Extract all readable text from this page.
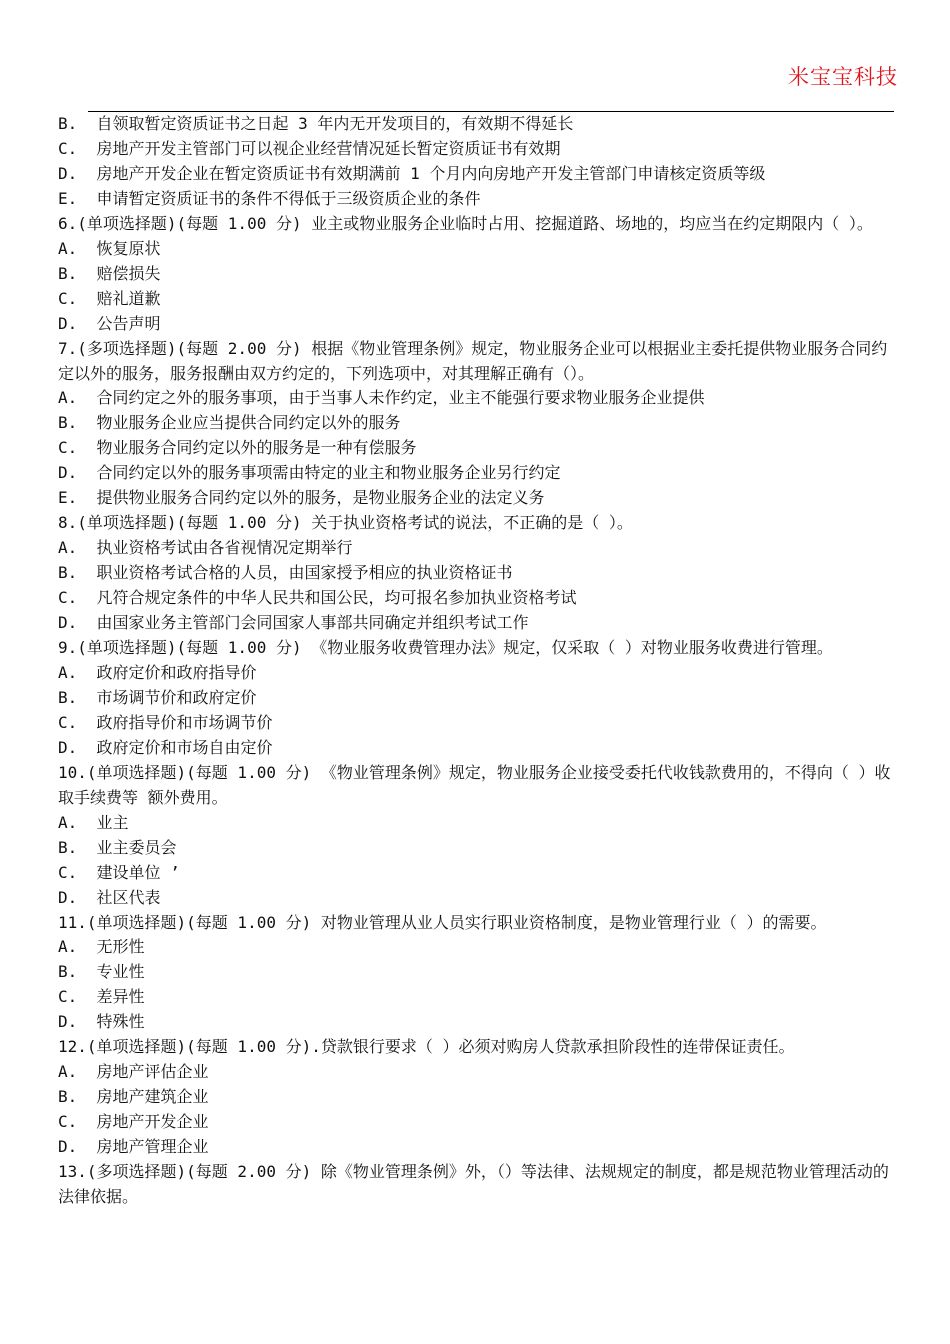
米宝宝科技

B.  自领取暂定资质证书之日起 3 年内无开发项目的，有效期不得延长

C.  房地产开发主管部门可以视企业经营情况延长暂定资质证书有效期

D.  房地产开发企业在暂定资质证书有效期满前 1 个月内向房地产开发主管部门申请核定资质等级

E.  申请暂定资质证书的条件不得低于三级资质企业的条件

6.(单项选择题)(每题 1.00 分) 业主或物业服务企业临时占用、挖掘道路、场地的，均应当在约定期限内（ ）。

A.  恢复原状

B.  赔偿损失

C.  赔礼道歉

D.  公告声明

7.(多项选择题)(每题 2.00 分) 根据《物业管理条例》规定，物业服务企业可以根据业主委托提供物业服务合同约定以外的服务，服务报酬由双方约定的，下列选项中，对其理解正确有（）。

A.  合同约定之外的服务事项，由于当事人未作约定，业主不能强行要求物业服务企业提供

B.  物业服务企业应当提供合同约定以外的服务

C.  物业服务合同约定以外的服务是一种有偿服务

D.  合同约定以外的服务事项需由特定的业主和物业服务企业另行约定

E.  提供物业服务合同约定以外的服务，是物业服务企业的法定义务

8.(单项选择题)(每题 1.00 分) 关于执业资格考试的说法，不正确的是（ ）。

A.  执业资格考试由各省视情况定期举行

B.  职业资格考试合格的人员，由国家授予相应的执业资格证书

C.  凡符合规定条件的中华人民共和国公民，均可报名参加执业资格考试

D.  由国家业务主管部门会同国家人事部共同确定并组织考试工作

9.(单项选择题)(每题 1.00 分) 《物业服务收费管理办法》规定，仅采取（ ）对物业服务收费进行管理。

A.  政府定价和政府指导价

B.  市场调节价和政府定价

C.  政府指导价和市场调节价

D.  政府定价和市场自由定价

10.(单项选择题)(每题 1.00 分) 《物业管理条例》规定，物业服务企业接受委托代收钱款费用的，不得向（ ）收取手续费等 额外费用。

A.  业主

B.  业主委员会

C.  建设单位 ’

D.  社区代表

11.(单项选择题)(每题 1.00 分) 对物业管理从业人员实行职业资格制度，是物业管理行业（ ）的需要。

A.  无形性

B.  专业性

C.  差异性

D.  特殊性

12.(单项选择题)(每题 1.00 分).贷款银行要求（ ）必须对购房人贷款承担阶段性的连带保证责任。

A.  房地产评估企业

B.  房地产建筑企业

C.  房地产开发企业

D.  房地产管理企业

13.(多项选择题)(每题 2.00 分) 除《物业管理条例》外，（）等法律、法规规定的制度，都是规范物业管理活动的法律依据。
